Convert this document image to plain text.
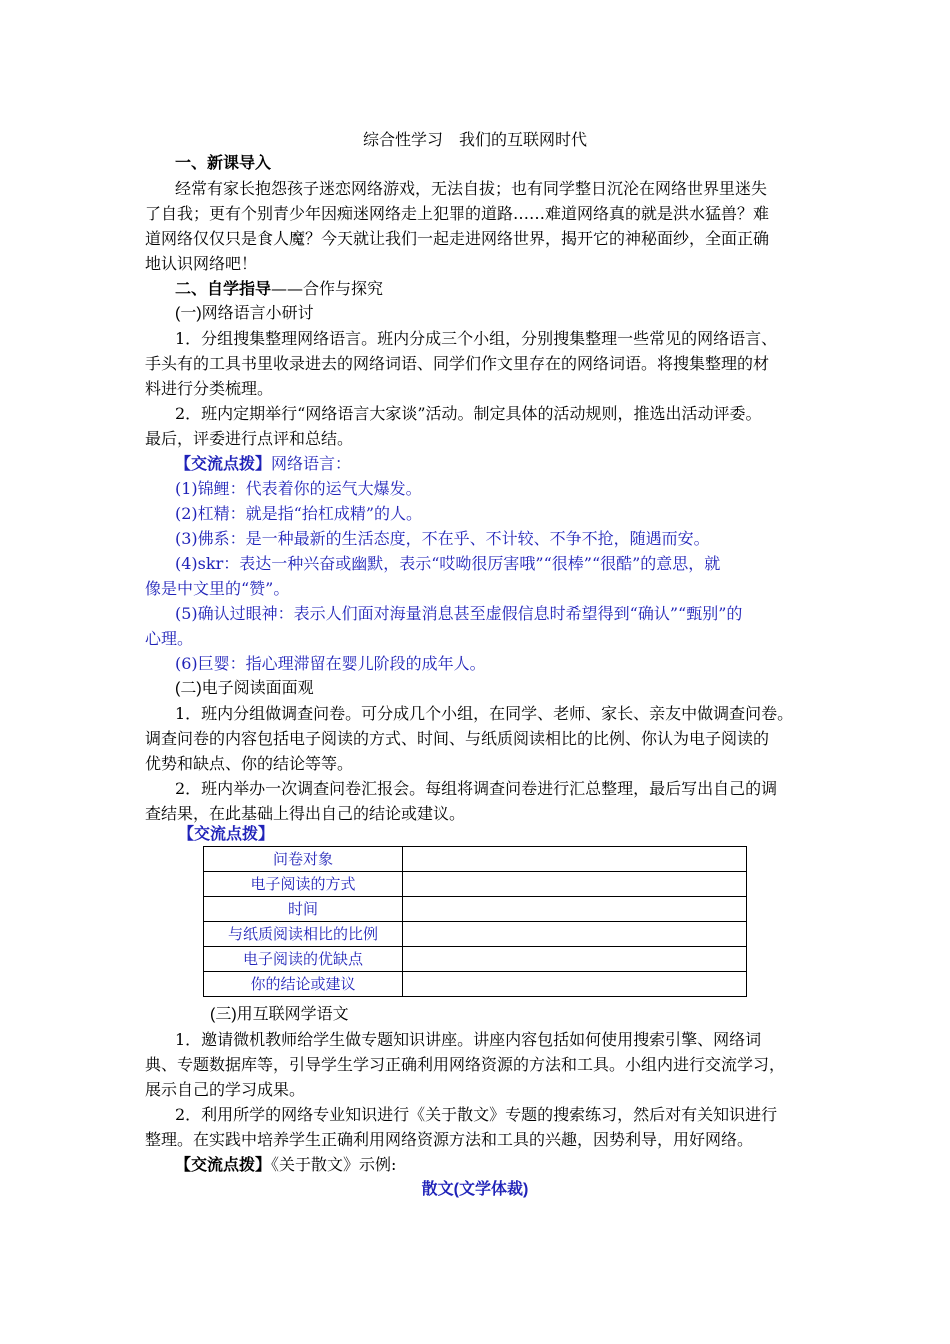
综合性学习　我们的互联网时代
一、新课导入
经常有家长抱怨孩子迷恋网络游戏，无法自拔；也有同学整日沉沦在网络世界里迷失
了自我；更有个别青少年因痴迷网络走上犯罪的道路……难道网络真的就是洪水猛兽？难
道网络仅仅只是食人魔？今天就让我们一起走进网络世界，揭开它的神秘面纱，全面正确
地认识网络吧！
二、自学指导——合作与探究
(一)网络语言小研讨
1．分组搜集整理网络语言。班内分成三个小组，分别搜集整理一些常见的网络语言、
手头有的工具书里收录进去的网络词语、同学们作文里存在的网络词语。将搜集整理的材
料进行分类梳理。
2．班内定期举行“网络语言大家谈”活动。制定具体的活动规则，推选出活动评委。
最后，评委进行点评和总结。
【交流点拨】网络语言：
(1)锦鲤：代表着你的运气大爆发。
(2)杠精：就是指“抬杠成精”的人。
(3)佛系：是一种最新的生活态度，不在乎、不计较、不争不抢，随遇而安。
(4)skr：表达一种兴奋或幽默，表示“哎呦很厉害哦”“很棒”“很酷”的意思，就
像是中文里的“赞”。
(5)确认过眼神：表示人们面对海量消息甚至虚假信息时希望得到“确认”“甄别”的
心理。
(6)巨婴：指心理滞留在婴儿阶段的成年人。
(二)电子阅读面面观
1．班内分组做调查问卷。可分成几个小组，在同学、老师、家长、亲友中做调查问卷。
调查问卷的内容包括电子阅读的方式、时间、与纸质阅读相比的比例、你认为电子阅读的
优势和缺点、你的结论等等。
2．班内举办一次调查问卷汇报会。每组将调查问卷进行汇总整理，最后写出自己的调
查结果，在此基础上得出自己的结论或建议。
【交流点拨】
问卷对象	
电子阅读的方式	
时间	
与纸质阅读相比的比例	
电子阅读的优缺点	
你的结论或建议	
(三)用互联网学语文
1．邀请微机教师给学生做专题知识讲座。讲座内容包括如何使用搜索引擎、网络词
典、专题数据库等，引导学生学习正确利用网络资源的方法和工具。小组内进行交流学习，
展示自己的学习成果。
2．利用所学的网络专业知识进行《关于散文》专题的搜索练习，然后对有关知识进行
整理。在实践中培养学生正确利用网络资源方法和工具的兴趣，因势利导，用好网络。
【交流点拨】《关于散文》示例:
散文(文学体裁)
